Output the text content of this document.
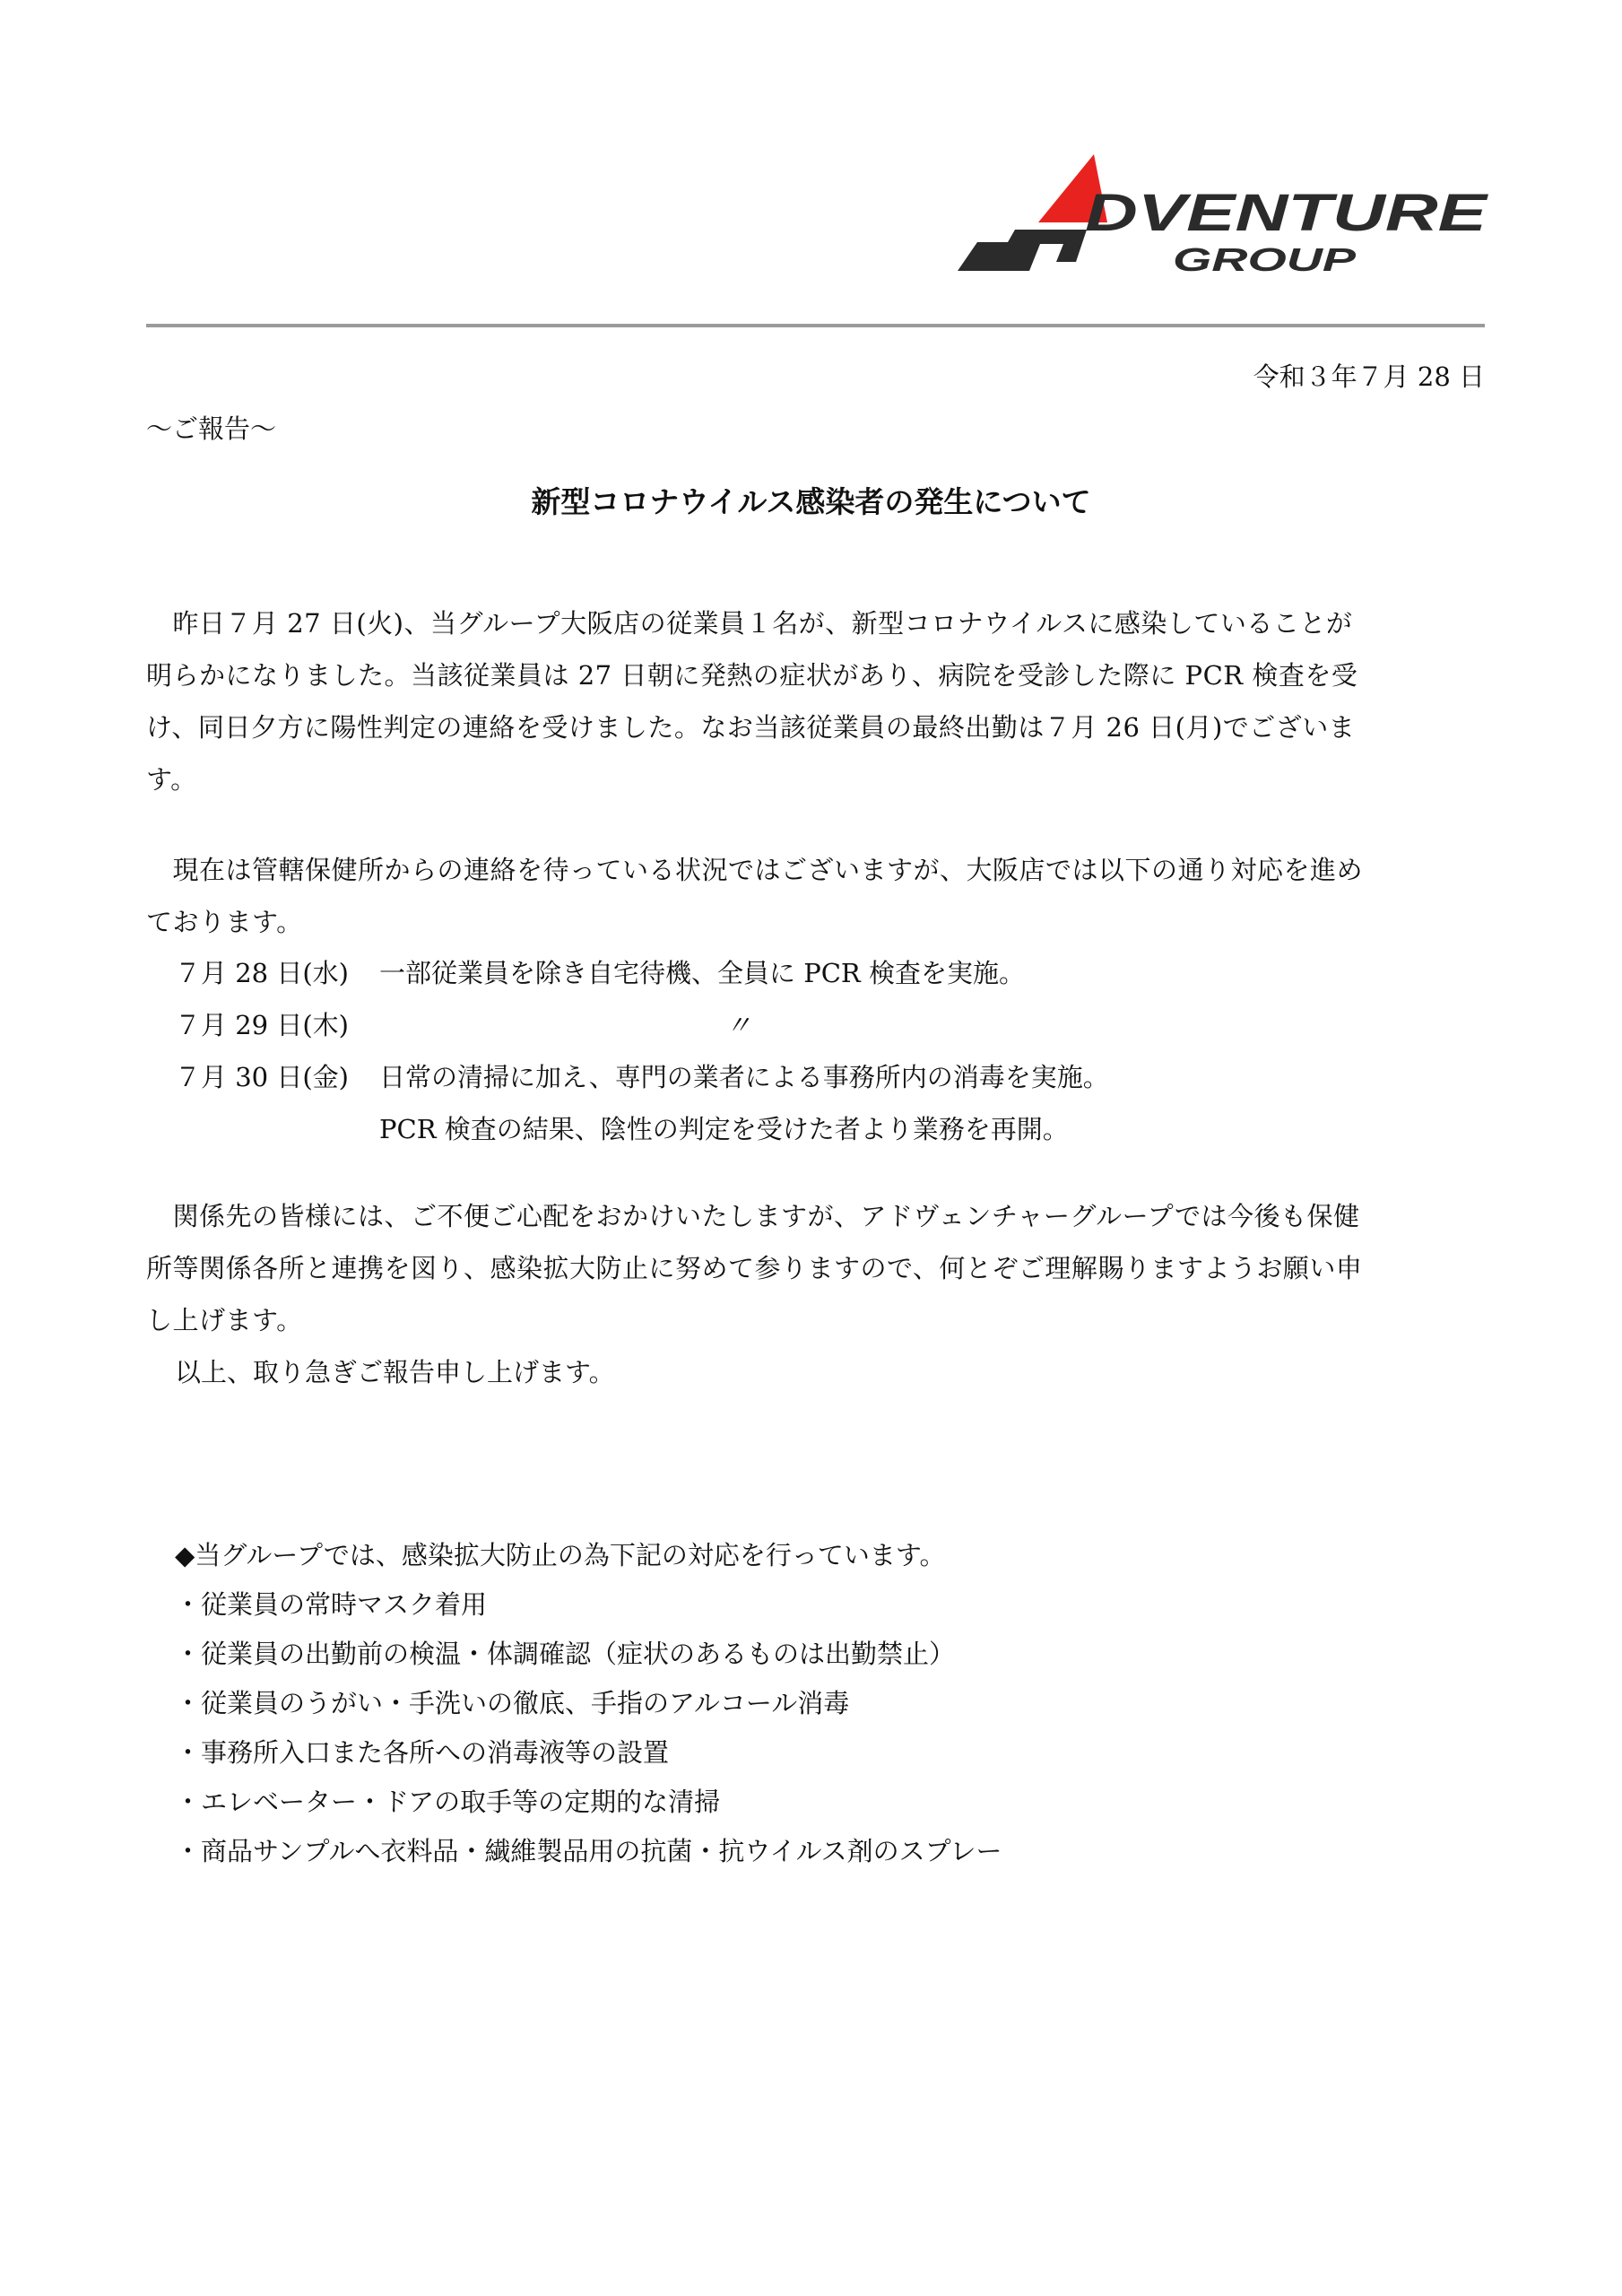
DVENTURE
GROUP
令和３年７月 28 日
～ご報告～
新型コロナウイルス感染者の発生について

　昨日７月 27 日(火)、当グループ大阪店の従業員１名が、新型コロナウイルスに感染していることが

明らかになりました。当該従業員は 27 日朝に発熱の症状があり、病院を受診した際に PCR 検査を受

け、同日夕方に陽性判定の連絡を受けました。なお当該従業員の最終出勤は７月 26 日(月)でございま

す。

　現在は管轄保健所からの連絡を待っている状況ではございますが、大阪店では以下の通り対応を進め

ております。

７月 28 日(水) 一部従業員を除き自宅待機、全員に PCR 検査を実施。
７月 29 日(木)	〃
７月 30 日(金) 日常の清掃に加え、専門の業者による事務所内の消毒を実施。
PCR 検査の結果、陰性の判定を受けた者より業務を再開。

　関係先の皆様には、ご不便ご心配をおかけいたしますが、アドヴェンチャーグループでは今後も保健

所等関係各所と連携を図り、感染拡大防止に努めて参りますので、何とぞご理解賜りますようお願い申

し上げます。

以上、取り急ぎご報告申し上げます。
◆当グループでは、感染拡大防止の為下記の対応を行っています。
・従業員の常時マスク着用
・従業員の出勤前の検温・体調確認（症状のあるものは出勤禁止）
・従業員のうがい・手洗いの徹底、手指のアルコール消毒
・事務所入口また各所への消毒液等の設置
・エレベーター・ドアの取手等の定期的な清掃
・商品サンプルへ衣料品・繊維製品用の抗菌・抗ウイルス剤のスプレー
